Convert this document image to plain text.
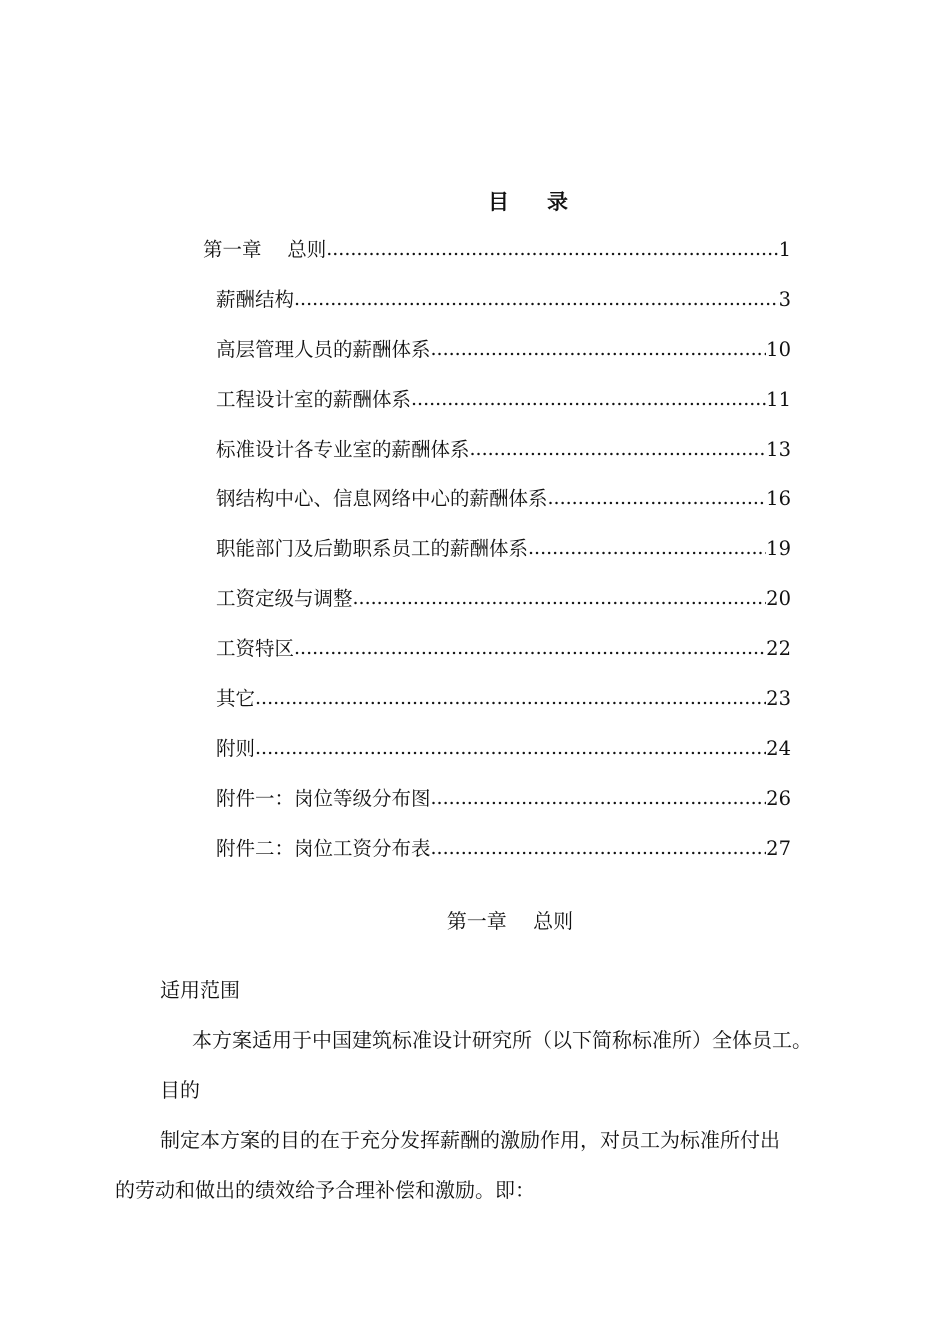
目 录
第一章　 总则 .....	1
薪酬结构 .....	3
高层管理人员的薪酬体系 .....	10
工程设计室的薪酬体系 .....	11
标准设计各专业室的薪酬体系 .....	13
钢结构中心、信息网络中心的薪酬体系 .....	16
职能部门及后勤职系员工的薪酬体系 .....	19
工资定级与调整 .....	20
工资特区 .....	22
其它 .....	23
附则 .....	24
附件一：岗位等级分布图 .....	26
附件二：岗位工资分布表 .....	27
第一章　 总则
适用范围
本方案适用于中国建筑标准设计研究所（以下简称标准所）全体员工。
目的
制定本方案的目的在于充分发挥薪酬的激励作用，对员工为标准所付出
的劳动和做出的绩效给予合理补偿和激励。即：
